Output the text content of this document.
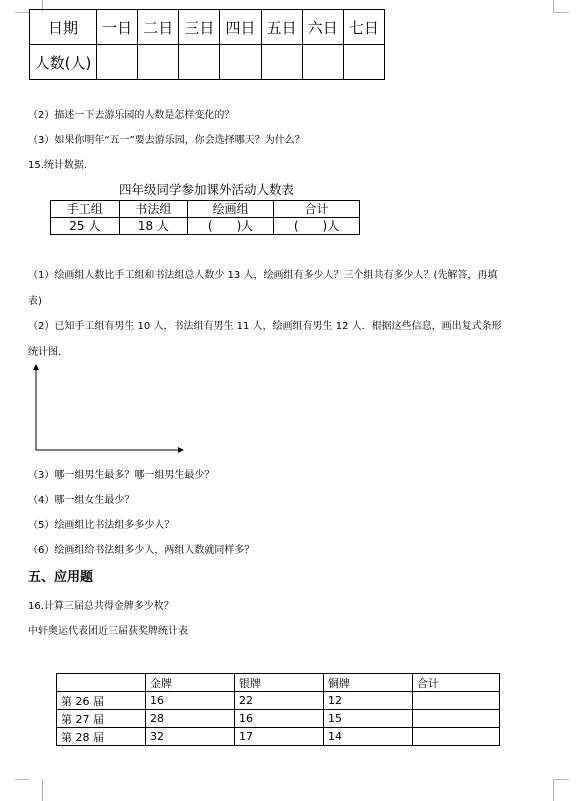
日期	一日	二日	三日	四日	五日	六日	七日
人数(人)							
（2）描述一下去游乐园的人数是怎样变化的？
（3）如果你明年“五一”要去游乐园，你会选择哪天？为什么？
15.统计数据.
四年级同学参加课外活动人数表
手工组	书法组	绘画组	合计
25 人	18 人	(　　)人	(　　)人
（1）绘画组人数比手工组和书法组总人数少 13 人，绘画组有多少人？三个组共有多少人？(先解答，再填
表)
（2）已知手工组有男生 10 人，书法组有男生 11 人，绘画组有男生 12 人．根据这些信息，画出复式条形
统计图.
（3）哪一组男生最多？哪一组男生最少？
（4）哪一组女生最少？
（5）绘画组比书法组多多少人？
（6）绘画组给书法组多少人，两组人数就同样多？
五、应用题
16.计算三届总共得金牌多少枚？
中轩奥运代表团近三届获奖牌统计表
	金牌	银牌	铜牌	合计
第 26 届	16	22	12	
第 27 届	28	16	15	
第 28 届	32	17	14	
